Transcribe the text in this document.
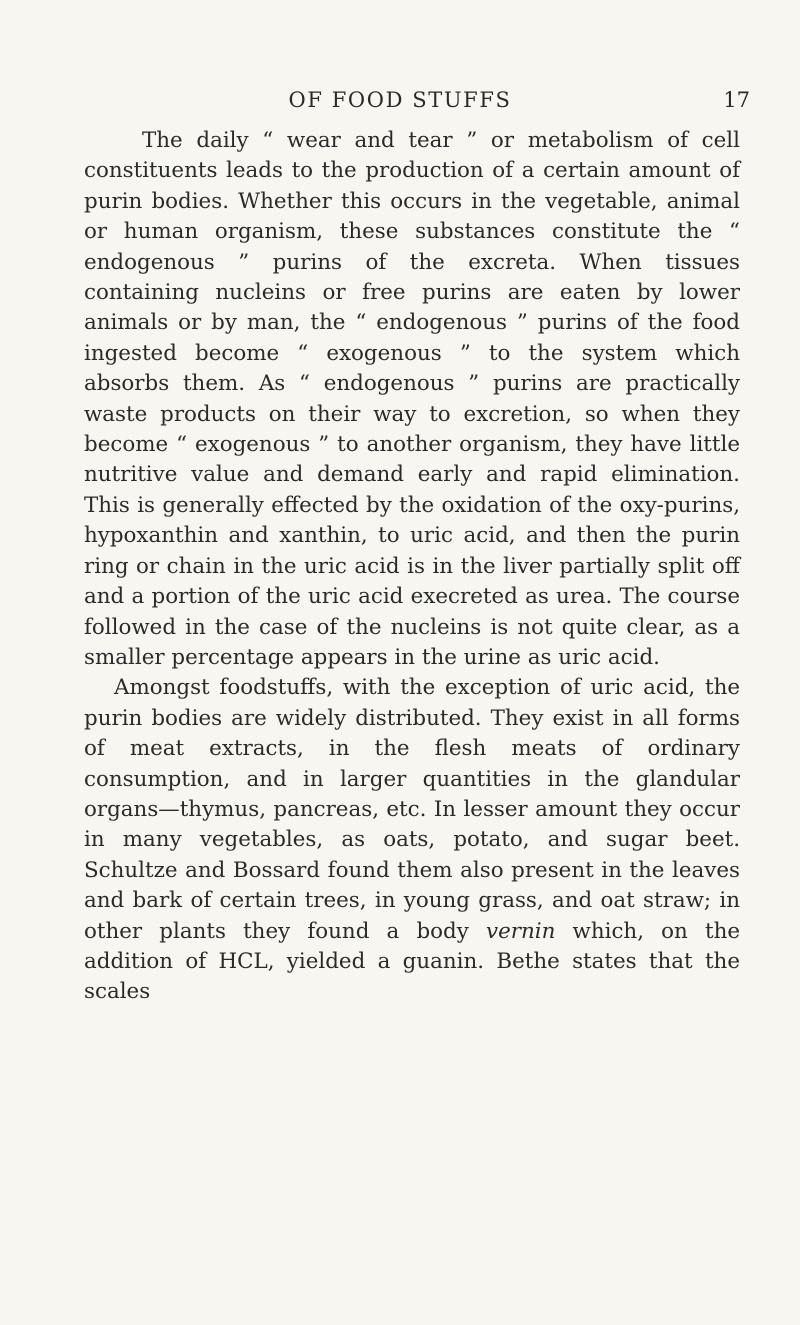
OF FOOD STUFFS	17

The daily “ wear and tear ” or metabolism of cell constituents leads to the production of a certain amount of purin bodies. Whether this occurs in the vegetable, animal or human organism, these substances constitute the “ endogenous ” purins of the excreta. When tissues containing nucleins or free purins are eaten by lower animals or by man, the “ endogenous ” purins of the food ingested become “ exogenous ” to the system which absorbs them. As “ endogenous ” purins are practically waste products on their way to excretion, so when they become “ exogenous ” to another organism, they have little nutritive value and demand early and rapid elimination. This is generally effected by the oxidation of the oxy-purins, hypoxanthin and xanthin, to uric acid, and then the purin ring or chain in the uric acid is in the liver partially split off and a portion of the uric acid execreted as urea. The course followed in the case of the nucleins is not quite clear, as a smaller percentage appears in the urine as uric acid.

Amongst foodstuffs, with the exception of uric acid, the purin bodies are widely distributed. They exist in all forms of meat extracts, in the flesh meats of ordinary consumption, and in larger quantities in the glandular organs—thymus, pancreas, etc. In lesser amount they occur in many vegetables, as oats, potato, and sugar beet. Schultze and Bossard found them also present in the leaves and bark of certain trees, in young grass, and oat straw; in other plants they found a body vernin which, on the addition of HCL, yielded a guanin. Bethe states that the scales
